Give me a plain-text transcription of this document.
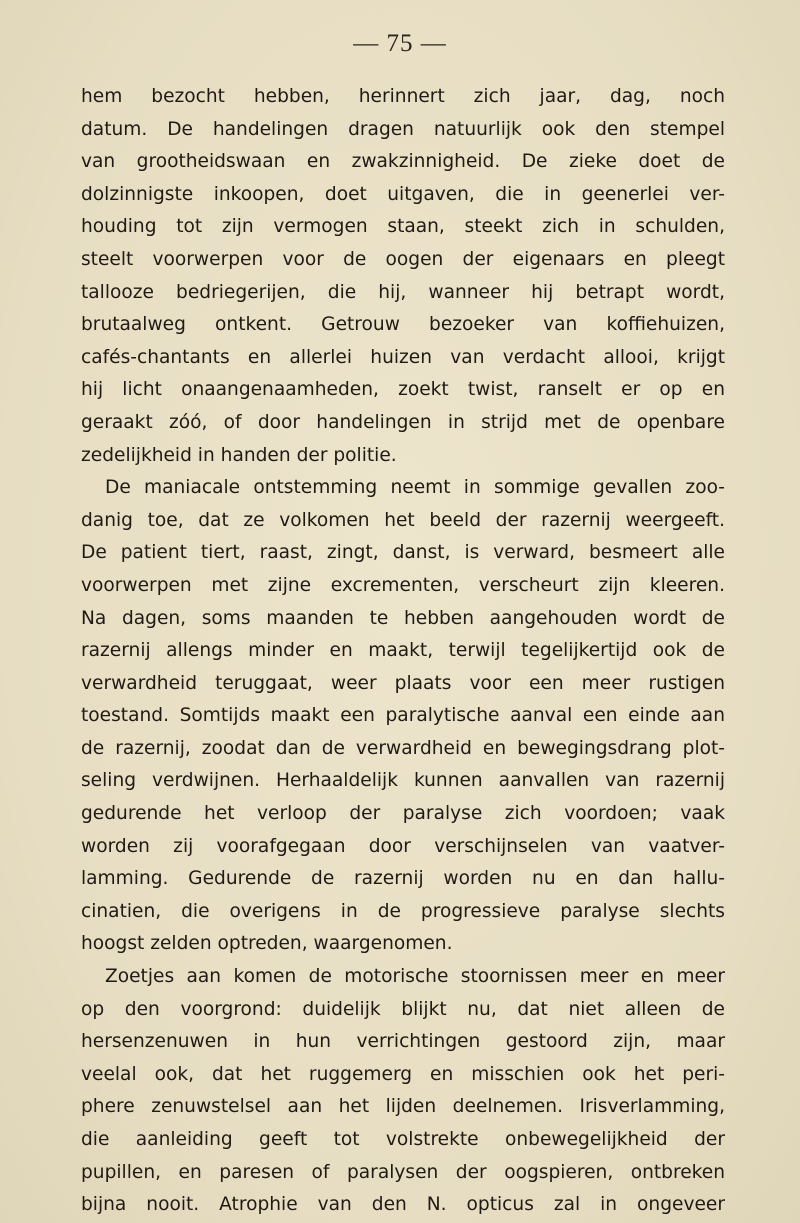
— 75 —
hem bezocht hebben, herinnert zich jaar, dag, noch
datum. De handelingen dragen natuurlijk ook den stempel
van grootheidswaan en zwakzinnigheid. De zieke doet de
dolzinnigste inkoopen, doet uitgaven, die in geenerlei ver-
houding tot zijn vermogen staan, steekt zich in schulden,
steelt voorwerpen voor de oogen der eigenaars en pleegt
tallooze bedriegerijen, die hij, wanneer hij betrapt wordt,
brutaalweg ontkent. Getrouw bezoeker van koffiehuizen,
cafés-chantants en allerlei huizen van verdacht allooi, krijgt
hij licht onaangenaamheden, zoekt twist, ranselt er op en
geraakt zóó, of door handelingen in strijd met de openbare
zedelijkheid in handen der politie.
De maniacale ontstemming neemt in sommige gevallen zoo-
danig toe, dat ze volkomen het beeld der razernij weergeeft.
De patient tiert, raast, zingt, danst, is verward, besmeert alle
voorwerpen met zijne excrementen, verscheurt zijn kleeren.
Na dagen, soms maanden te hebben aangehouden wordt de
razernij allengs minder en maakt, terwijl tegelijkertijd ook de
verwardheid teruggaat, weer plaats voor een meer rustigen
toestand. Somtijds maakt een paralytische aanval een einde aan
de razernij, zoodat dan de verwardheid en bewegingsdrang plot-
seling verdwijnen. Herhaaldelijk kunnen aanvallen van razernij
gedurende het verloop der paralyse zich voordoen; vaak
worden zij voorafgegaan door verschijnselen van vaatver-
lamming. Gedurende de razernij worden nu en dan hallu-
cinatien, die overigens in de progressieve paralyse slechts
hoogst zelden optreden, waargenomen.
Zoetjes aan komen de motorische stoornissen meer en meer
op den voorgrond: duidelijk blijkt nu, dat niet alleen de
hersenzenuwen in hun verrichtingen gestoord zijn, maar
veelal ook, dat het ruggemerg en misschien ook het peri-
phere zenuwstelsel aan het lijden deelnemen. Irisverlamming,
die aanleiding geeft tot volstrekte onbewegelijkheid der
pupillen, en paresen of paralysen der oogspieren, ontbreken
bijna nooit. Atrophie van den N. opticus zal in ongeveer
